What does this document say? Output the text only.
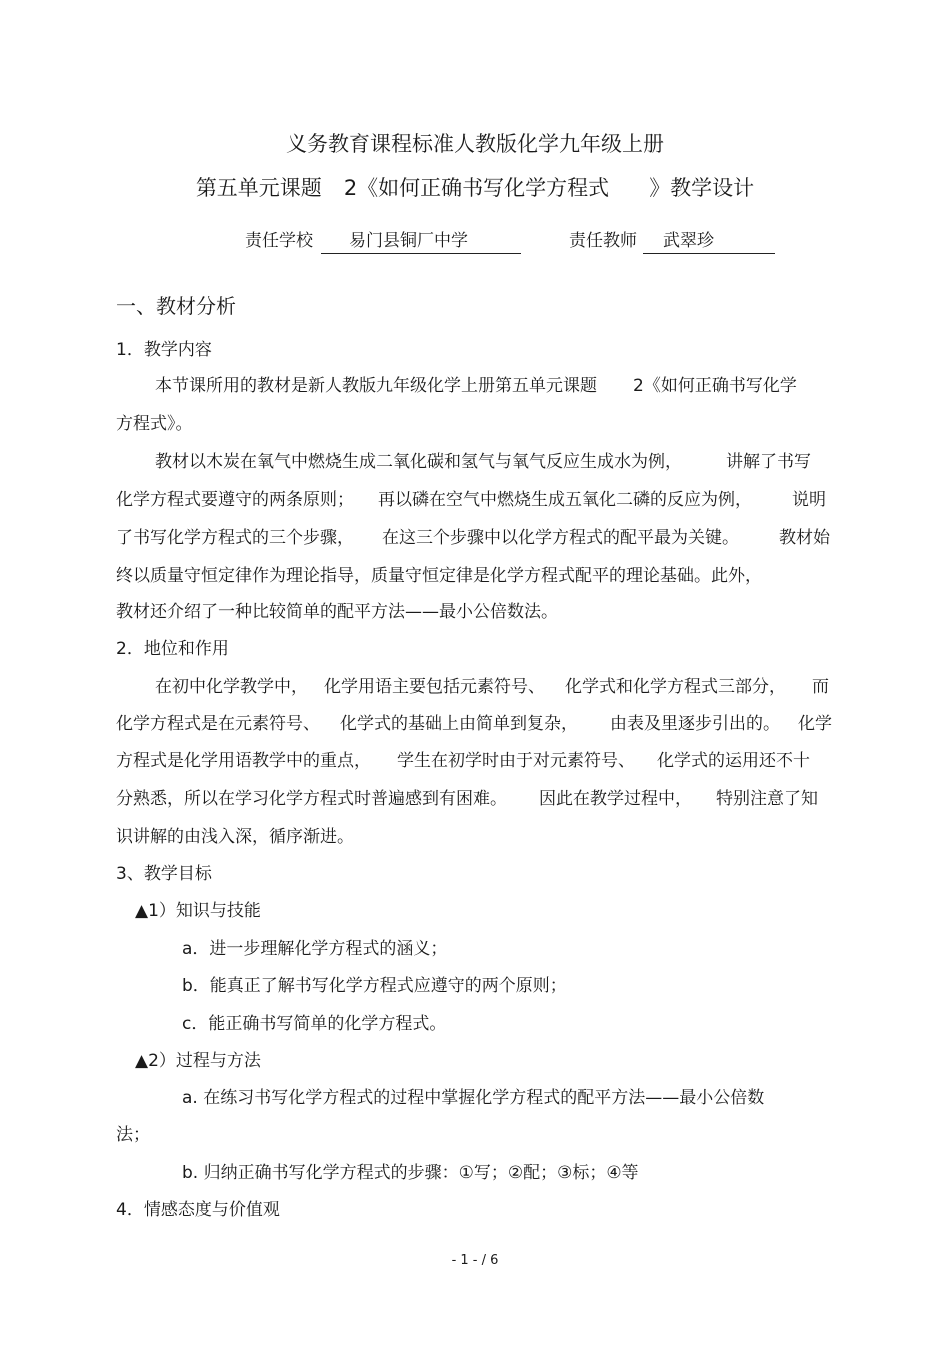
义务教育课程标准人教版化学九年级上册
第五单元课题 2《如何正确书写化学方程式 》教学设计
责任学校 易门县铜厂中学	责任教师 武翠珍
一、教材分析
1．教学内容
本节课所用的教材是新人教版九年级化学上册第五单元课题 2《如何正确书写化学
方程式》。
教材以木炭在氧气中燃烧生成二氧化碳和氢气与氧气反应生成水为例，	讲解了书写
化学方程式要遵守的两条原则； 再以磷在空气中燃烧生成五氧化二磷的反应为例， 说明
了书写化学方程式的三个步骤， 在这三个步骤中以化学方程式的配平最为关键。 教材始
终以质量守恒定律作为理论指导，质量守恒定律是化学方程式配平的理论基础。此外，
教材还介绍了一种比较简单的配平方法——最小公倍数法。
2．地位和作用
在初中化学教学中， 化学用语主要包括元素符号、 化学式和化学方程式三部分， 而
化学方程式是在元素符号、 化学式的基础上由简单到复杂， 由表及里逐步引出的。 化学
方程式是化学用语教学中的重点， 学生在初学时由于对元素符号、 化学式的运用还不十
分熟悉，所以在学习化学方程式时普遍感到有困难。 因此在教学过程中， 特别注意了知
识讲解的由浅入深，循序渐进。
3、教学目标
▲1）知识与技能
a．进一步理解化学方程式的涵义；
b．能真正了解书写化学方程式应遵守的两个原则；
c．能正确书写简单的化学方程式。
▲2）过程与方法
a. 在练习书写化学方程式的过程中掌握化学方程式的配平方法——最小公倍数
法；
b. 归纳正确书写化学方程式的步骤：①写；②配；③标；④等
4．情感态度与价值观
- 1 - / 6
